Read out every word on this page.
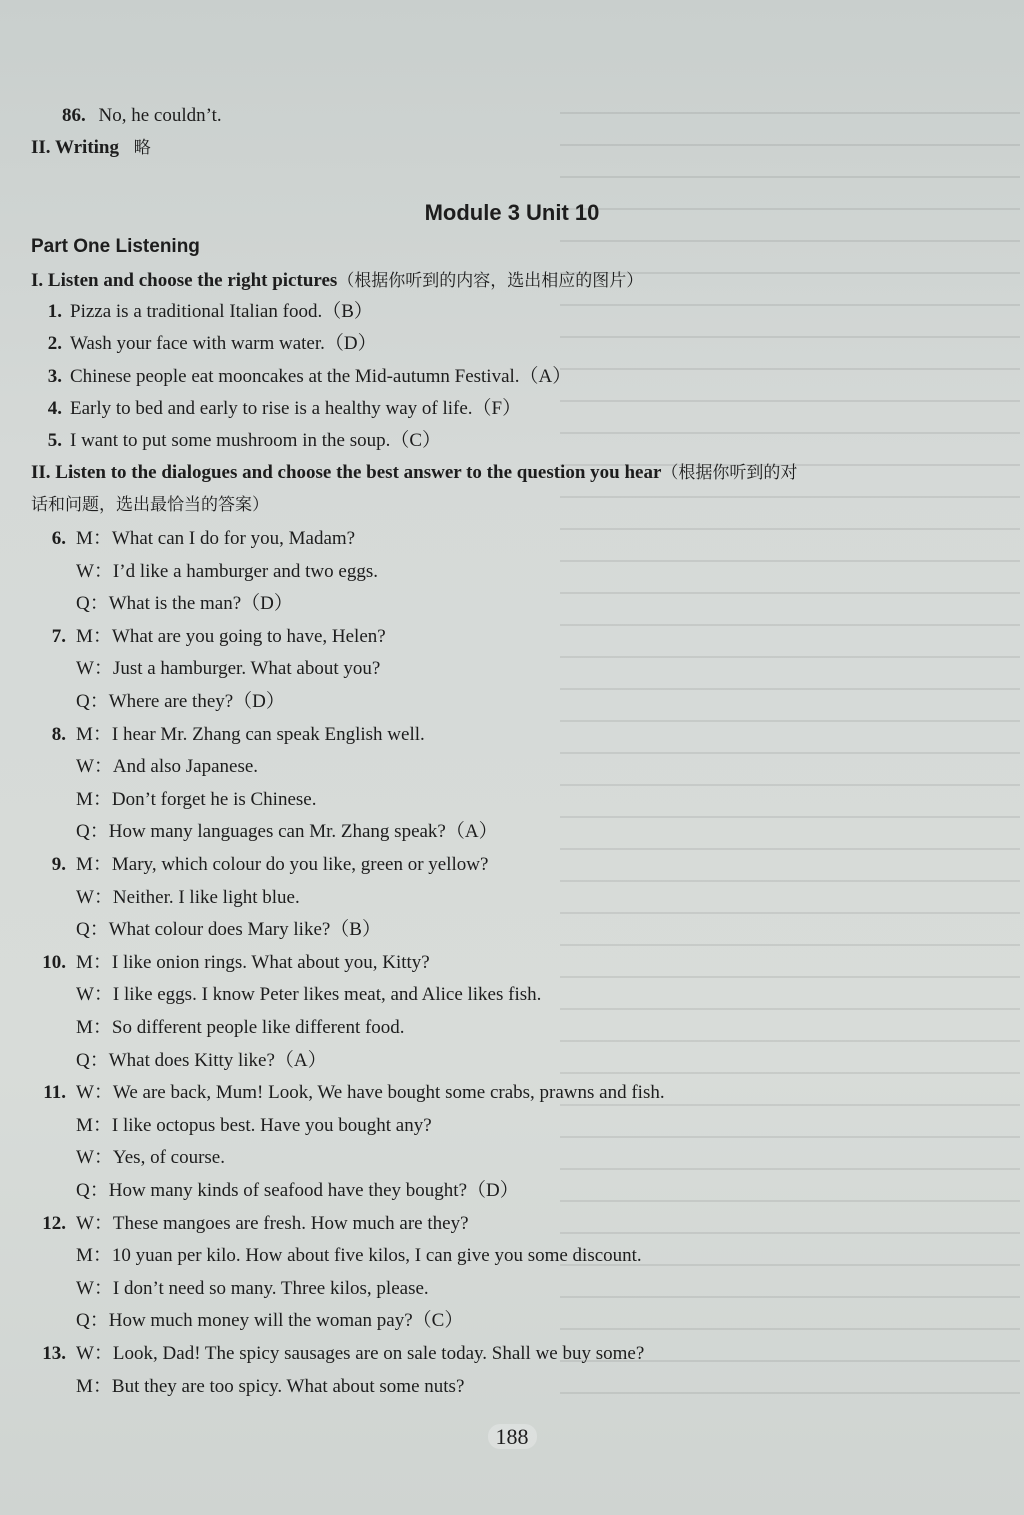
86. No, he couldn’t.
II. Writing 略
Module 3 Unit 10
Part One Listening
I. Listen and choose the right pictures（根据你听到的内容，选出相应的图片）
1. Pizza is a traditional Italian food.（B）
2. Wash your face with warm water.（D）
3. Chinese people eat mooncakes at the Mid-autumn Festival.（A）
4. Early to bed and early to rise is a healthy way of life.（F）
5. I want to put some mushroom in the soup.（C）
II. Listen to the dialogues and choose the best answer to the question you hear（根据你听到的对
话和问题，选出最恰当的答案）
6. M：What can I do for you, Madam?
W：I’d like a hamburger and two eggs.
Q：What is the man?（D）
7. M：What are you going to have, Helen?
W：Just a hamburger. What about you?
Q：Where are they?（D）
8. M：I hear Mr. Zhang can speak English well.
W：And also Japanese.
M：Don’t forget he is Chinese.
Q：How many languages can Mr. Zhang speak?（A）
9. M：Mary, which colour do you like, green or yellow?
W：Neither. I like light blue.
Q：What colour does Mary like?（B）
10. M：I like onion rings. What about you, Kitty?
W：I like eggs. I know Peter likes meat, and Alice likes fish.
M：So different people like different food.
Q：What does Kitty like?（A）
11. W：We are back, Mum! Look, We have bought some crabs, prawns and fish.
M：I like octopus best. Have you bought any?
W：Yes, of course.
Q：How many kinds of seafood have they bought?（D）
12. W：These mangoes are fresh. How much are they?
M：10 yuan per kilo. How about five kilos, I can give you some discount.
W：I don’t need so many. Three kilos, please.
Q：How much money will the woman pay?（C）
13. W：Look, Dad! The spicy sausages are on sale today. Shall we buy some?
M：But they are too spicy. What about some nuts?
188
